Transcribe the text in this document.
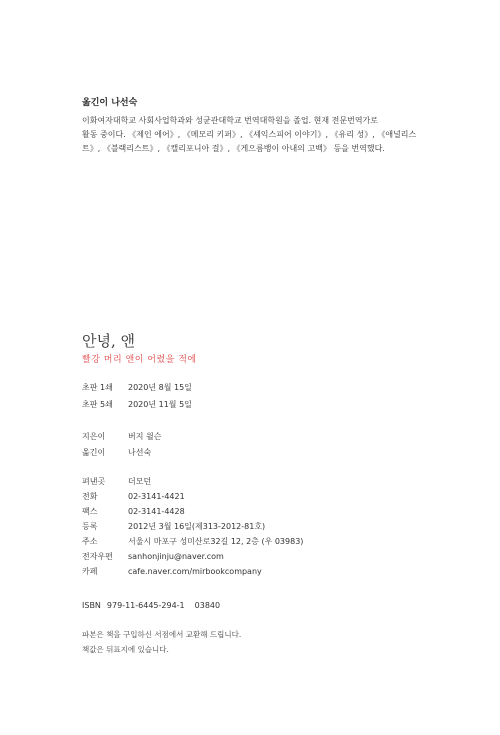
옮긴이 나선숙
이화여자대학교 사회사업학과와 성균관대학교 번역대학원을 졸업. 현재 전문번역가로
활동 중이다. 《제인 에어》, 《메모리 키퍼》, 《셰익스피어 이야기》, 《유리 성》, 《애널리스
트》, 《블랙리스트》, 《캘리포니아 걸》, 《게으름뱅이 아내의 고백》 등을 번역했다.
안녕, 앤
빨강 머리 앤이 어렸을 적에
초판 1쇄 2020년 8월 15일
초판 5쇄 2020년 11월 5일
지은이	버지 윌슨
옮긴이	나선숙
펴낸곳	더모던
전화	02-3141-4421
팩스	02-3141-4428
등록	2012년 3월 16일(제313-2012-81호)
주소	서울시 마포구 성미산로32길 12, 2층 (우 03983)
전자우편 sanhonjinju@naver.com
카페	cafe.naver.com/mirbookcompany
ISBN 979-11-6445-294-1 03840
파본은 책을 구입하신 서점에서 교환해 드립니다.
책값은 뒤표지에 있습니다.
